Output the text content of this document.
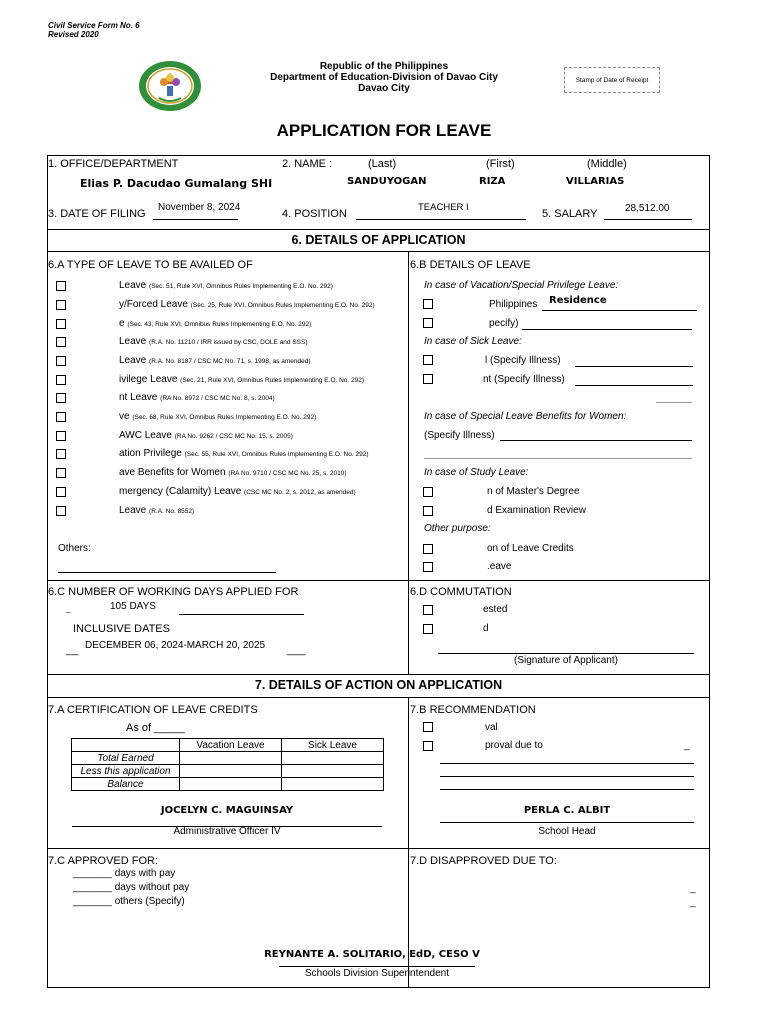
Civil Service Form No. 6
Revised 2020
Republic of the Philippines
Department of Education-Division of Davao City
Davao City
Stamp of Date of Receipt
APPLICATION FOR LEAVE
1. OFFICE/DEPARTMENT
Elias P. Dacudao Gumalang SHI
2. NAME :	(Last)	(First)	(Middle)
SANDUYOGAN	RIZA	VILLARIAS
3. DATE OF FILING
November 8, 2024
4. POSITION
TEACHER I
5. SALARY	28,512.00
6. DETAILS OF APPLICATION
6.A TYPE OF LEAVE TO BE AVAILED OF	6.B DETAILS OF LEAVE
Leave (Sec. 51, Rule XVI, Omnibus Rules Implementing E.O. No. 292)
y/Forced Leave (Sec. 25, Rule XVI, Omnibus Rules Implementing E.O. No. 292)
e (Sec. 43, Rule XVI, Omnibus Rules Implementing E.O. No. 292)
Leave (R.A. No. 11210 / IRR issued by CSC, DOLE and SSS)
Leave (R.A. No. 8187 / CSC MC No. 71, s. 1998, as amended)
ivilege Leave (Sec. 21, Rule XVI, Omnibus Rules Implementing E.O. No. 292)
nt Leave (RA No. 8972 / CSC MC No. 8, s. 2004)
ve (Sec. 68, Rule XVI, Omnibus Rules Implementing E.O. No. 292)
AWC Leave (RA No. 9262 / CSC MC No. 15, s. 2005)
ation Privilege (Sec. 55, Rule XVI, Omnibus Rules Implementing E.O. No. 292)
ave Benefits for Women (RA No. 9710 / CSC MC No. 25, s. 2010)
mergency (Calamity) Leave (CSC MC No. 2, s. 2012, as amended)
Leave (R.A. No. 8552)
Others:
In case of Vacation/Special Privilege Leave:
Philippines Residence
pecify)
In case of Sick Leave:
l (Specify Illness)
nt (Specify Illness)
In case of Special Leave Benefits for Women:
(Specify Illness)
In case of Study Leave:
n of Master's Degree
d Examination Review
Other purpose:
on of Leave Credits
.eave
6.C NUMBER OF WORKING DAYS APPLIED FOR
_	105 DAYS
INCLUSIVE DATES
__ DECEMBER 06, 2024-MARCH 20, 2025 ___
6.D COMMUTATION
ested
d
(Signature of Applicant)
7. DETAILS OF ACTION ON APPLICATION
7.A CERTIFICATION OF LEAVE CREDITS
As of _____
	Vacation Leave	Sick Leave
Total Earned		
Less this application		
Balance		
JOCELYN C. MAGUINSAY
Administrative Officer IV
7.B RECOMMENDATION
val
proval due to	_
PERLA C. ALBIT
School Head
7.C APPROVED FOR:
_______ days with pay
_______ days without pay
_______ others (Specify)
7.D DISAPPROVED DUE TO:
_
_
REYNANTE A. SOLITARIO, EdD, CESO V
Schools Division Superintendent
